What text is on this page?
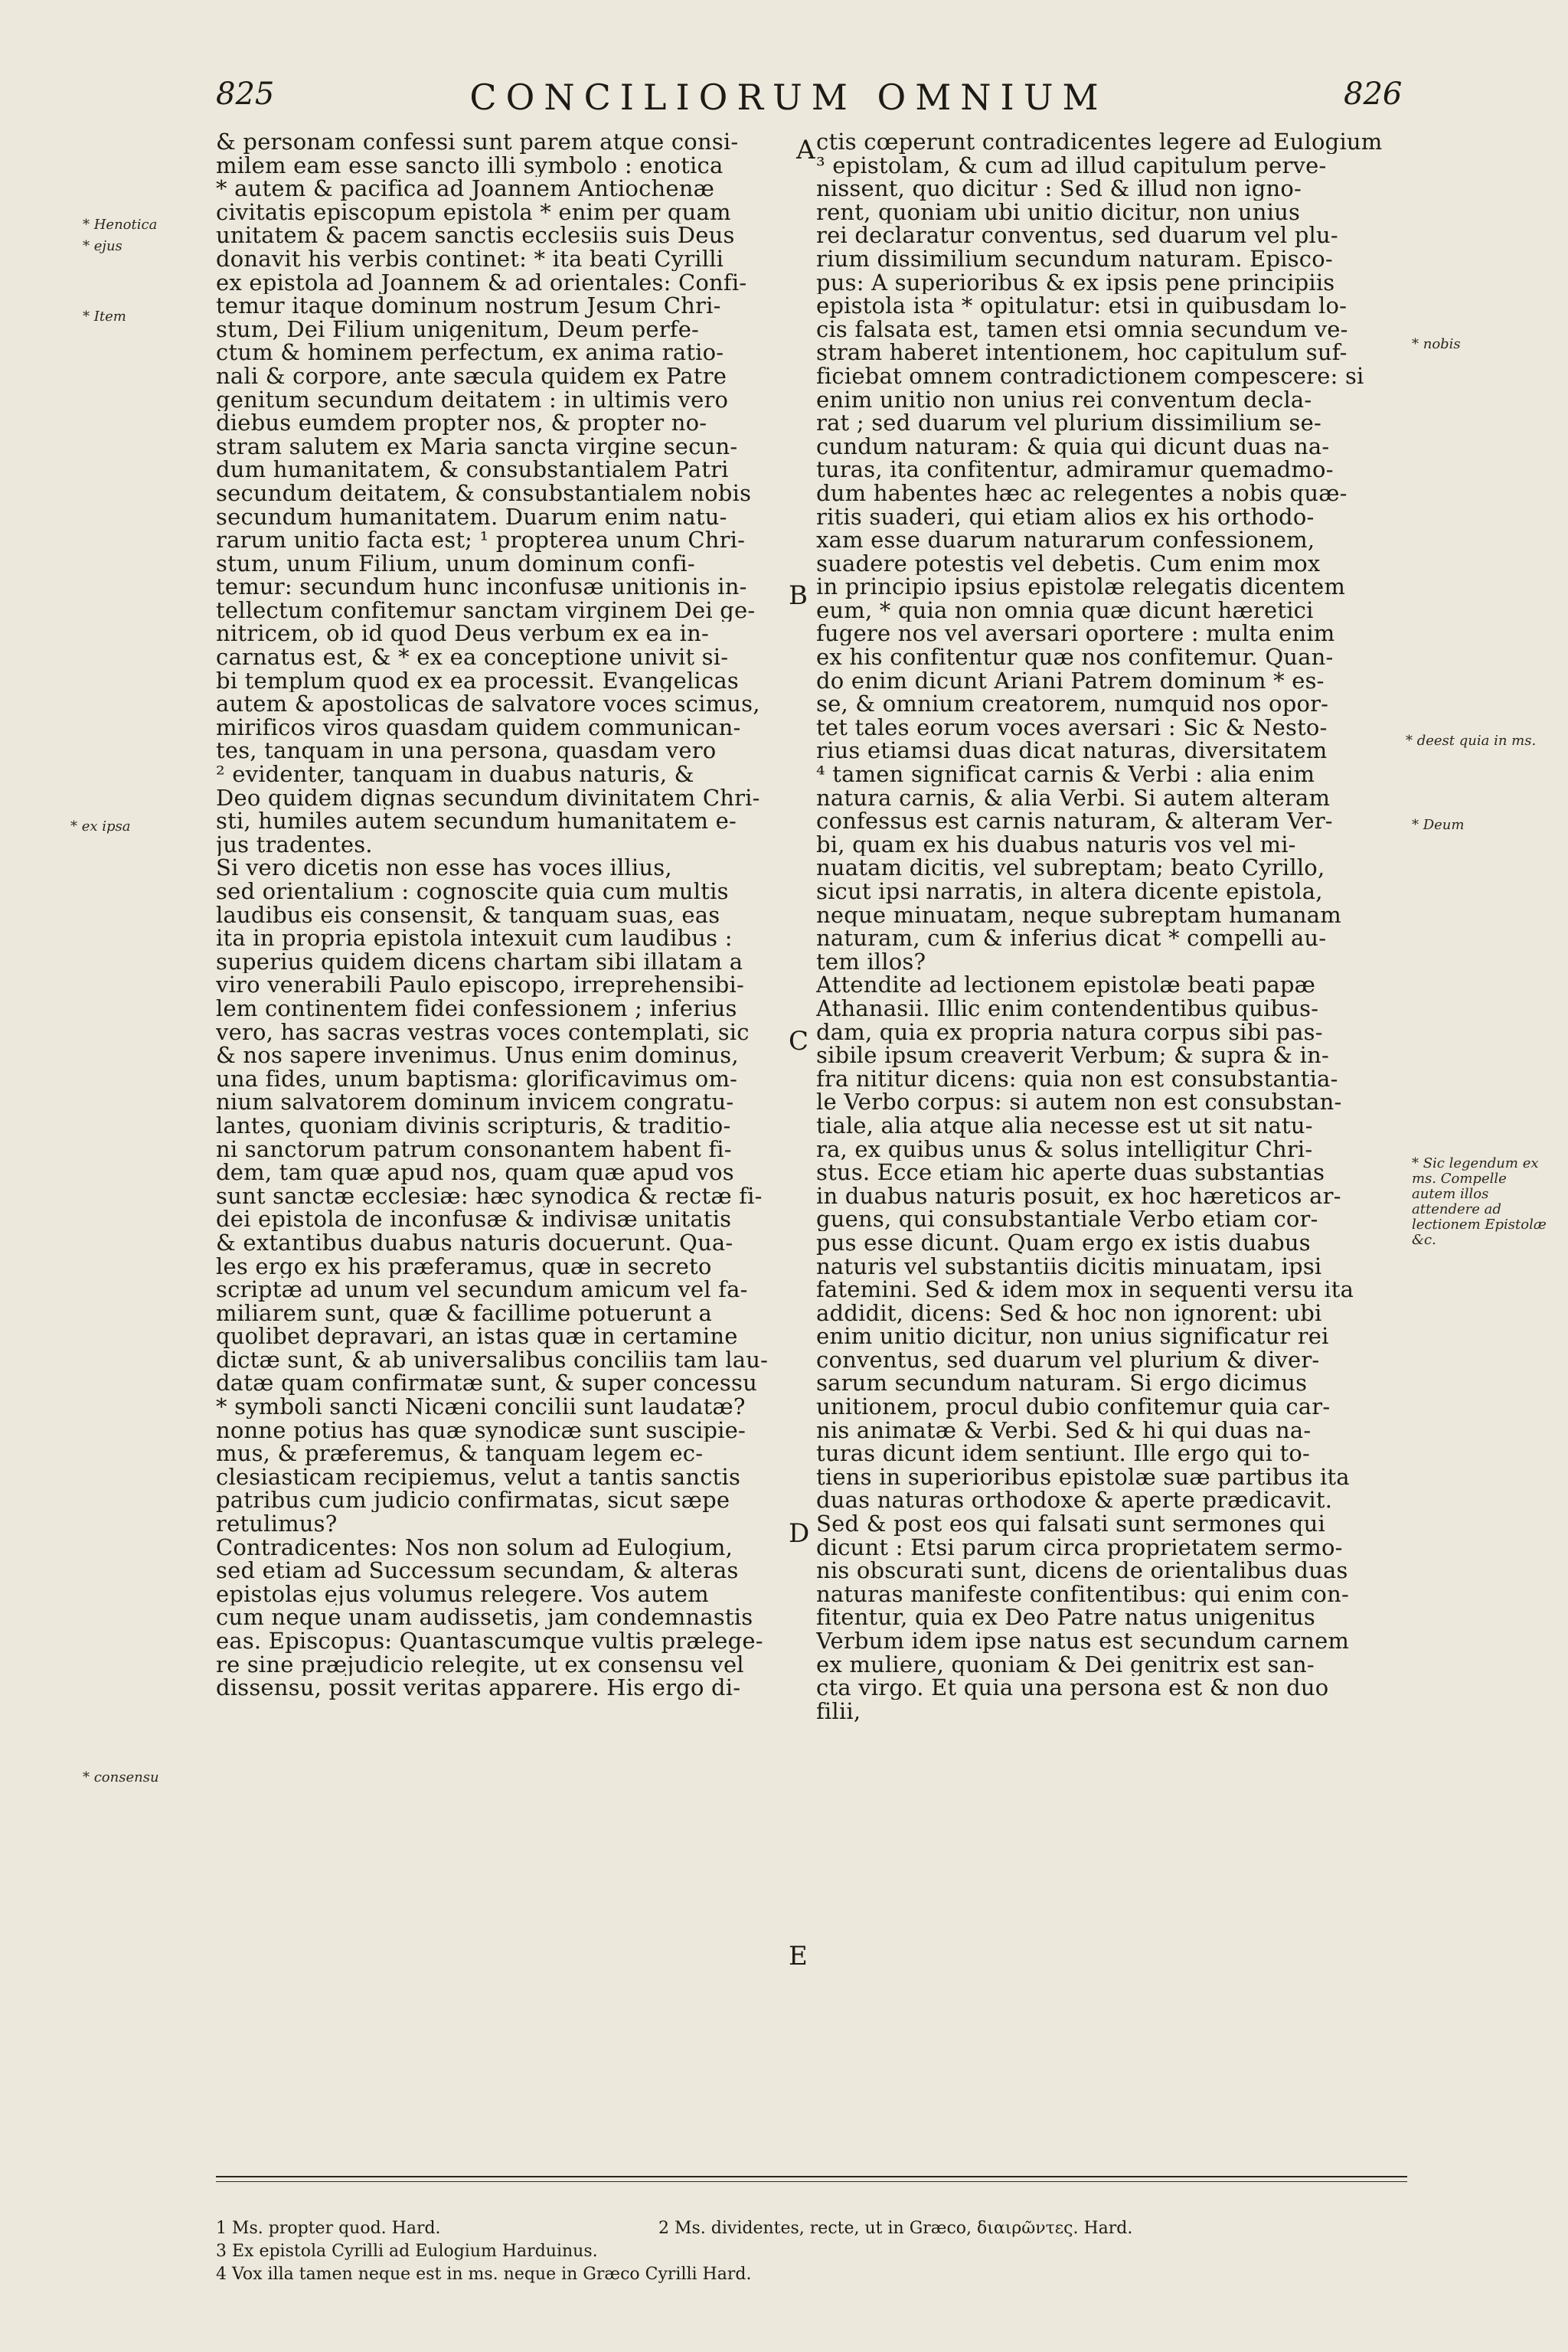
825	CONCILIORUM OMNIUM	826
& personam confessi sunt parem atque consi-
milem eam esse sancto illi symbolo : enotica
* autem & pacifica ad Joannem Antiochenæ
civitatis episcopum epistola * enim per quam
unitatem & pacem sanctis ecclesiis suis Deus
donavit his verbis continet: * ita beati Cyrilli
ex epistola ad Joannem & ad orientales: Confi-
temur itaque dominum nostrum Jesum Chri-
stum, Dei Filium unigenitum, Deum perfe-
ctum & hominem perfectum, ex anima ratio-
nali & corpore, ante sæcula quidem ex Patre
genitum secundum deitatem : in ultimis vero
diebus eumdem propter nos, & propter no-
stram salutem ex Maria sancta virgine secun-
dum humanitatem, & consubstantialem Patri
secundum deitatem, & consubstantialem nobis
secundum humanitatem. Duarum enim natu-
rarum unitio facta est; ¹ propterea unum Chri-
stum, unum Filium, unum dominum confi-
temur: secundum hunc inconfusæ unitionis in-
tellectum confitemur sanctam virginem Dei ge-
nitricem, ob id quod Deus verbum ex ea in-
carnatus est, & * ex ea conceptione univit si-
bi templum quod ex ea processit. Evangelicas
autem & apostolicas de salvatore voces scimus,
mirificos viros quasdam quidem communican-
tes, tanquam in una persona, quasdam vero
² evidenter, tanquam in duabus naturis, &
Deo quidem dignas secundum divinitatem Chri-
sti, humiles autem secundum humanitatem e-
jus tradentes.
Si vero dicetis non esse has voces illius,
sed orientalium : cognoscite quia cum multis
laudibus eis consensit, & tanquam suas, eas
ita in propria epistola intexuit cum laudibus :
superius quidem dicens chartam sibi illatam a
viro venerabili Paulo episcopo, irreprehensibi-
lem continentem fidei confessionem ; inferius
vero, has sacras vestras voces contemplati, sic
& nos sapere invenimus. Unus enim dominus,
una fides, unum baptisma: glorificavimus om-
nium salvatorem dominum invicem congratu-
lantes, quoniam divinis scripturis, & traditio-
ni sanctorum patrum consonantem habent fi-
dem, tam quæ apud nos, quam quæ apud vos
sunt sanctæ ecclesiæ: hæc synodica & rectæ fi-
dei epistola de inconfusæ & indivisæ unitatis
& extantibus duabus naturis docuerunt. Qua-
les ergo ex his præferamus, quæ in secreto
scriptæ ad unum vel secundum amicum vel fa-
miliarem sunt, quæ & facillime potuerunt a
quolibet depravari, an istas quæ in certamine
dictæ sunt, & ab universalibus conciliis tam lau-
datæ quam confirmatæ sunt, & super concessu
* symboli sancti Nicæni concilii sunt laudatæ?
nonne potius has quæ synodicæ sunt suscipie-
mus, & præferemus, & tanquam legem ec-
clesiasticam recipiemus, velut a tantis sanctis
patribus cum judicio confirmatas, sicut sæpe
retulimus?
Contradicentes: Nos non solum ad Eulogium,
sed etiam ad Successum secundam, & alteras
epistolas ejus volumus relegere. Vos autem
cum neque unam audissetis, jam condemnastis
eas. Episcopus: Quantascumque vultis prælege-
re sine præjudicio relegite, ut ex consensu vel
dissensu, possit veritas apparere. His ergo di-
ctis cœperunt contradicentes legere ad Eulogium
³ epistolam, & cum ad illud capitulum perve-
nissent, quo dicitur : Sed & illud non igno-
rent, quoniam ubi unitio dicitur, non unius
rei declaratur conventus, sed duarum vel plu-
rium dissimilium secundum naturam. Episco-
pus: A superioribus & ex ipsis pene principiis
epistola ista * opitulatur: etsi in quibusdam lo-
cis falsata est, tamen etsi omnia secundum ve-
stram haberet intentionem, hoc capitulum suf-
ficiebat omnem contradictionem compescere: si
enim unitio non unius rei conventum decla-
rat ; sed duarum vel plurium dissimilium se-
cundum naturam: & quia qui dicunt duas na-
turas, ita confitentur, admiramur quemadmo-
dum habentes hæc ac relegentes a nobis quæ-
ritis suaderi, qui etiam alios ex his orthodo-
xam esse duarum naturarum confessionem,
suadere potestis vel debetis. Cum enim mox
in principio ipsius epistolæ relegatis dicentem
eum, * quia non omnia quæ dicunt hæretici
fugere nos vel aversari oportere : multa enim
ex his confitentur quæ nos confitemur. Quan-
do enim dicunt Ariani Patrem dominum * es-
se, & omnium creatorem, numquid nos opor-
tet tales eorum voces aversari : Sic & Nesto-
rius etiamsi duas dicat naturas, diversitatem
⁴ tamen significat carnis & Verbi : alia enim
natura carnis, & alia Verbi. Si autem alteram
confessus est carnis naturam, & alteram Ver-
bi, quam ex his duabus naturis vos vel mi-
nuatam dicitis, vel subreptam; beato Cyrillo,
sicut ipsi narratis, in altera dicente epistola,
neque minuatam, neque subreptam humanam
naturam, cum & inferius dicat * compelli au-
tem illos?
Attendite ad lectionem epistolæ beati papæ
Athanasii. Illic enim contendentibus quibus-
dam, quia ex propria natura corpus sibi pas-
sibile ipsum creaverit Verbum; & supra & in-
fra nititur dicens: quia non est consubstantia-
le Verbo corpus: si autem non est consubstan-
tiale, alia atque alia necesse est ut sit natu-
ra, ex quibus unus & solus intelligitur Chri-
stus. Ecce etiam hic aperte duas substantias
in duabus naturis posuit, ex hoc hæreticos ar-
guens, qui consubstantiale Verbo etiam cor-
pus esse dicunt. Quam ergo ex istis duabus
naturis vel substantiis dicitis minuatam, ipsi
fatemini. Sed & idem mox in sequenti versu ita
addidit, dicens: Sed & hoc non ignorent: ubi
enim unitio dicitur, non unius significatur rei
conventus, sed duarum vel plurium & diver-
sarum secundum naturam. Si ergo dicimus
unitionem, procul dubio confitemur quia car-
nis animatæ & Verbi. Sed & hi qui duas na-
turas dicunt idem sentiunt. Ille ergo qui to-
tiens in superioribus epistolæ suæ partibus ita
duas naturas orthodoxe & aperte prædicavit.
Sed & post eos qui falsati sunt sermones qui
dicunt : Etsi parum circa proprietatem sermo-
nis obscurati sunt, dicens de orientalibus duas
naturas manifeste confitentibus: qui enim con-
fitentur, quia ex Deo Patre natus unigenitus
Verbum idem ipse natus est secundum carnem
ex muliere, quoniam & Dei genitrix est san-
cta virgo. Et quia una persona est & non duo
filii,
A
B
C
D
E
* Henotica
* ejus
* Item
* ex ipsa
* consensu
* nobis
* deest quia in ms.
* Deum
* Sic legendum ex ms. Compelle autem illos attendere ad lectionem Epistolæ &c.
1 Ms. propter quod. Hard.	2 Ms. dividentes, recte, ut in Græco, διαιρῶντες. Hard.
3 Ex epistola Cyrilli ad Eulogium Harduinus.
4 Vox illa tamen neque est in ms. neque in Græco Cyrilli Hard.
